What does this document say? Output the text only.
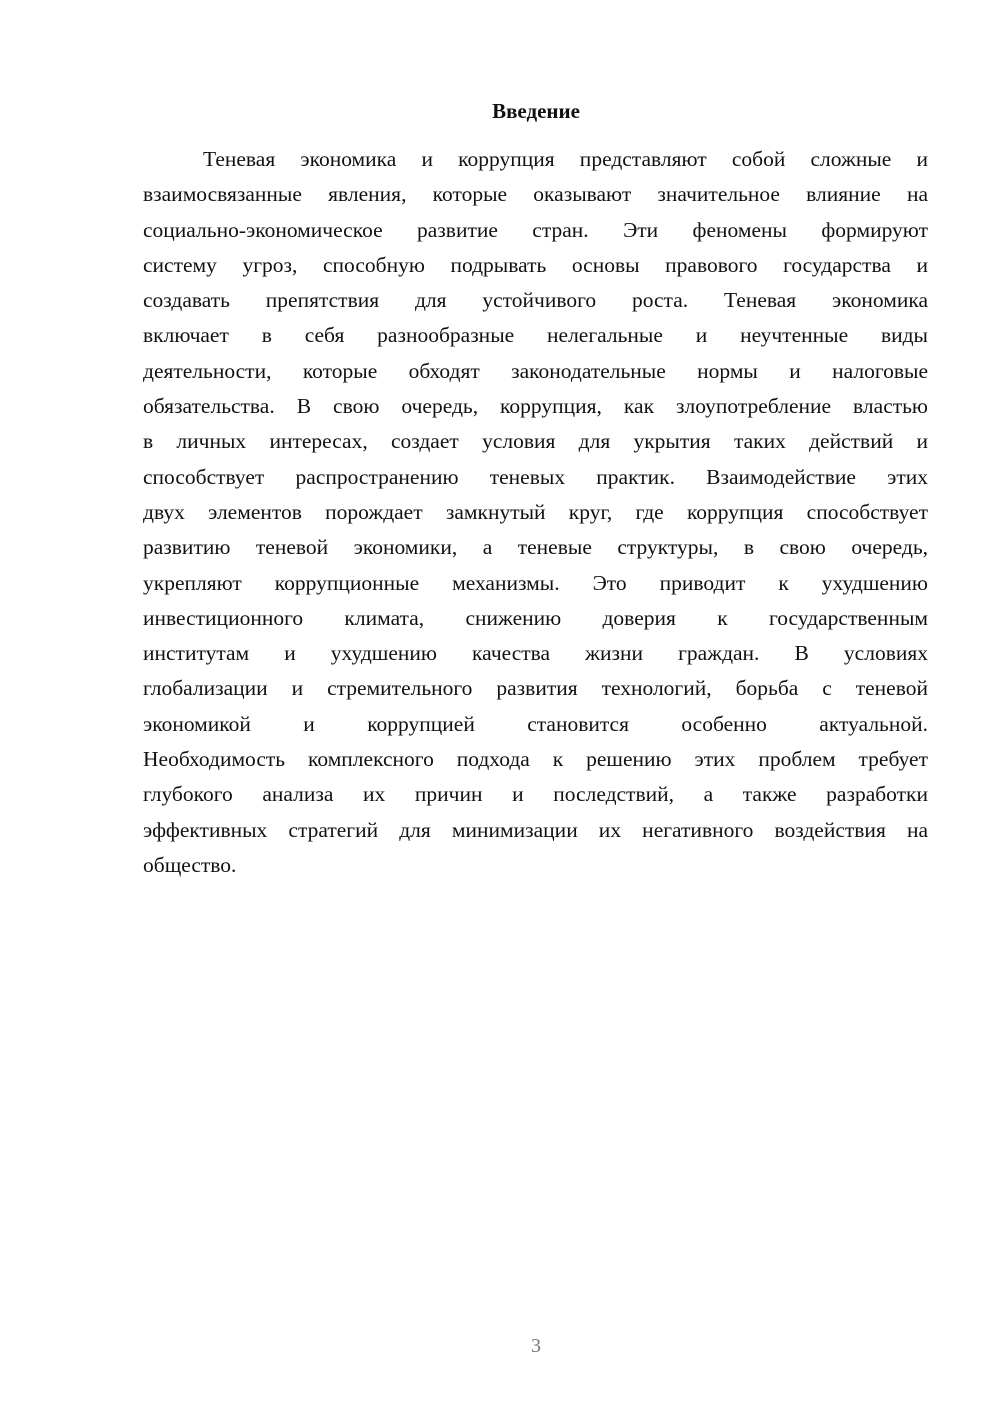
Введение
Теневая экономика и коррупция представляют собой сложные и
взаимосвязанные явления, которые оказывают значительное влияние на
социально-экономическое развитие стран. Эти феномены формируют
систему угроз, способную подрывать основы правового государства и
создавать препятствия для устойчивого роста. Теневая экономика
включает в себя разнообразные нелегальные и неучтенные виды
деятельности, которые обходят законодательные нормы и налоговые
обязательства. В свою очередь, коррупция, как злоупотребление властью
в личных интересах, создает условия для укрытия таких действий и
способствует распространению теневых практик. Взаимодействие этих
двух элементов порождает замкнутый круг, где коррупция способствует
развитию теневой экономики, а теневые структуры, в свою очередь,
укрепляют коррупционные механизмы. Это приводит к ухудшению
инвестиционного климата, снижению доверия к государственным
институтам и ухудшению качества жизни граждан. В условиях
глобализации и стремительного развития технологий, борьба с теневой
экономикой и коррупцией становится особенно актуальной.
Необходимость комплексного подхода к решению этих проблем требует
глубокого анализа их причин и последствий, а также разработки
эффективных стратегий для минимизации их негативного воздействия на
общество.
3
